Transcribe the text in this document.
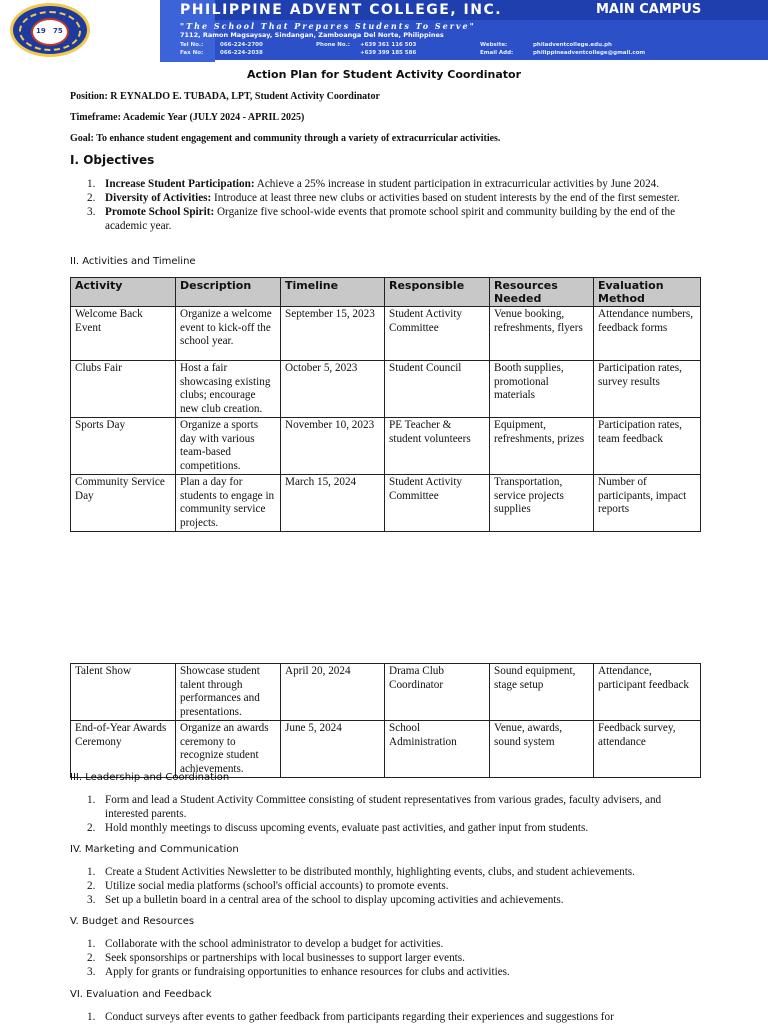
19 75
PHILIPPINE ADVENT COLLEGE, INC.	MAIN CAMPUS
"The School That Prepares Students To Serve"
7112, Ramon Magsaysay, Sindangan, Zamboanga Del Norte, Philippines
Tel No.:	066-224-2700
Fax No:	066-224-2038
Phone No.: +639 361 116 503
+639 399 185 586
Website:	philadventcollege.edu.ph
Email Add:	philippineadventcollege@gmail.com
Action Plan for Student Activity Coordinator
Position: R EYNALDO E. TUBADA, LPT, Student Activity Coordinator
Timeframe: Academic Year (JULY 2024 - APRIL 2025)
Goal: To enhance student engagement and community through a variety of extracurricular activities.
I. Objectives
1. Increase Student Participation: Achieve a 25% increase in student participation in extracurricular activities by June 2024.
2. Diversity of Activities: Introduce at least three new clubs or activities based on student interests by the end of the first semester.
3. Promote School Spirit: Organize five school-wide events that promote school spirit and community building by the end of the academic year.
II. Activities and Timeline
Activity	Description	Timeline	Responsible	Resources Needed	Evaluation Method
Welcome Back Event	Organize a welcome event to kick-off the school year.	September 15, 2023	Student Activity Committee	Venue booking, refreshments, flyers	Attendance numbers, feedback forms
Clubs Fair	Host a fair showcasing existing clubs; encourage new club creation.	October 5, 2023	Student Council	Booth supplies, promotional materials	Participation rates, survey results
Sports Day	Organize a sports day with various team-based competitions.	November 10, 2023	PE Teacher & student volunteers	Equipment, refreshments, prizes	Participation rates, team feedback
Community Service Day	Plan a day for students to engage in community service projects.	March 15, 2024	Student Activity Committee	Transportation, service projects supplies	Number of participants, impact reports
Talent Show	Showcase student talent through performances and presentations.	April 20, 2024	Drama Club Coordinator	Sound equipment, stage setup	Attendance, participant feedback
End-of-Year Awards Ceremony	Organize an awards ceremony to recognize student achievements.	June 5, 2024	School Administration	Venue, awards, sound system	Feedback survey, attendance
III. Leadership and Coordination
1. Form and lead a Student Activity Committee consisting of student representatives from various grades, faculty advisers, and interested parents.
2. Hold monthly meetings to discuss upcoming events, evaluate past activities, and gather input from students.
IV. Marketing and Communication
1. Create a Student Activities Newsletter to be distributed monthly, highlighting events, clubs, and student achievements.
2. Utilize social media platforms (school's official accounts) to promote events.
3. Set up a bulletin board in a central area of the school to display upcoming activities and achievements.
V. Budget and Resources
1. Collaborate with the school administrator to develop a budget for activities.
2. Seek sponsorships or partnerships with local businesses to support larger events.
3. Apply for grants or fundraising opportunities to enhance resources for clubs and activities.
VI. Evaluation and Feedback
1. Conduct surveys after events to gather feedback from participants regarding their experiences and suggestions for
